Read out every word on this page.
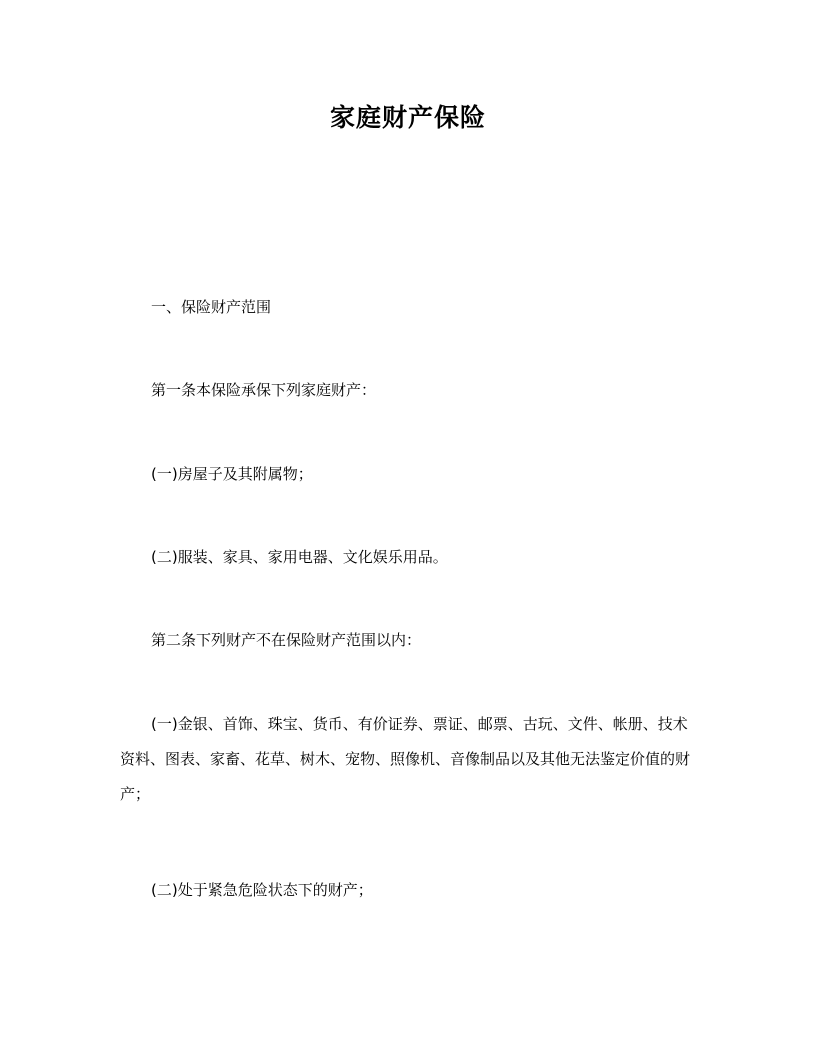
家庭财产保险

一、保险财产范围

第一条本保险承保下列家庭财产：

(一)房屋子及其附属物；

(二)服装、家具、家用电器、文化娱乐用品。

第二条下列财产不在保险财产范围以内：

(一)金银、首饰、珠宝、货币、有价证券、票证、邮票、古玩、文件、帐册、技术资料、图表、家畜、花草、树木、宠物、照像机、音像制品以及其他无法鉴定价值的财产；

(二)处于紧急危险状态下的财产；
